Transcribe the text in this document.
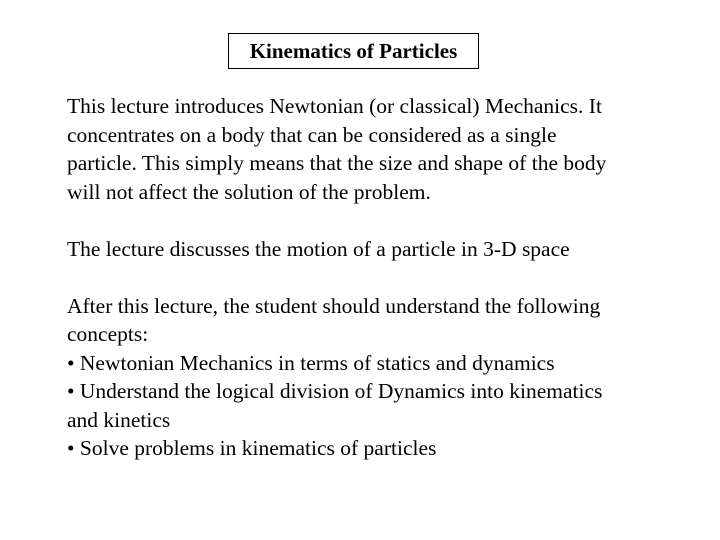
Kinematics of Particles

This lecture introduces Newtonian (or classical) Mechanics. It

concentrates on a body that can be considered as a single

particle. This simply means that the size and shape of the body

will not affect the solution of the problem.

The lecture discusses the motion of a particle in 3-D space

After this lecture, the student should understand the following

concepts:

• Newtonian Mechanics in terms of statics and dynamics

• Understand the logical division of Dynamics into kinematics

and kinetics

• Solve problems in kinematics of particles
